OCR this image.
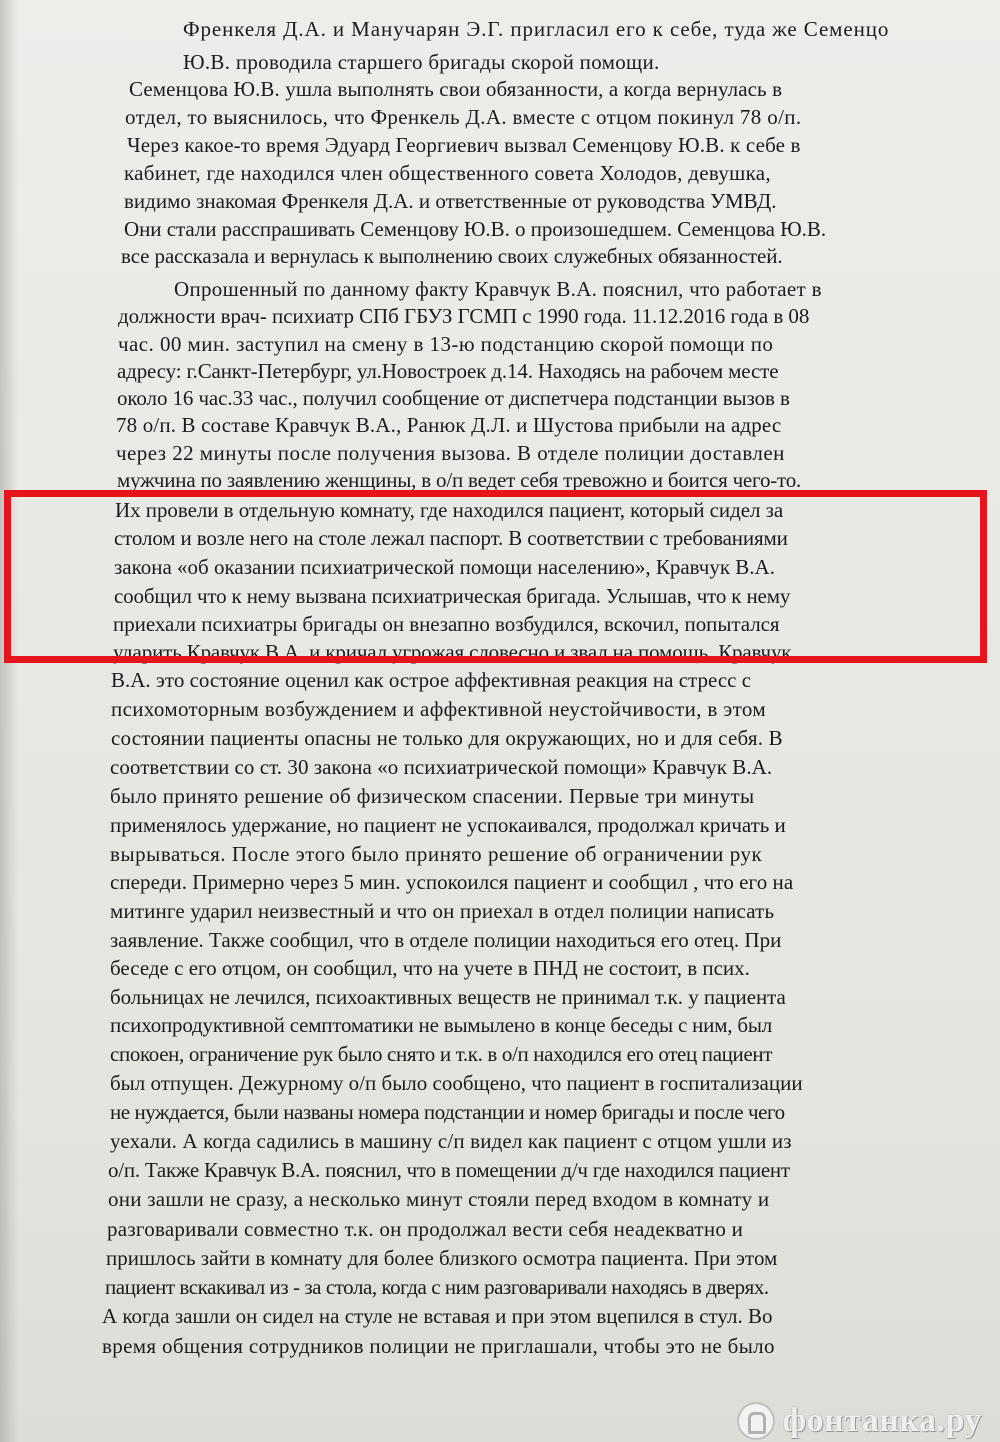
Френкеля Д.А. и Манучарян Э.Г. пригласил его к себе, туда же Семенцо
Ю.В. проводила старшего бригады скорой помощи.
Семенцова Ю.В. ушла выполнять свои обязанности, а когда вернулась в
отдел, то выяснилось, что Френкель Д.А. вместе с отцом покинул 78 о/п.
Через какое-то время Эдуард Георгиевич вызвал Семенцову Ю.В. к себе в
кабинет, где находился член общественного совета Холодов, девушка,
видимо знакомая Френкеля Д.А. и ответственные от руководства УМВД.
Они стали расспрашивать Семенцову Ю.В. о произошедшем. Семенцова Ю.В.
все рассказала и вернулась к выполнению своих служебных обязанностей.
Опрошенный по данному факту Кравчук В.А. пояснил, что работает в
должности врач- психиатр СПб ГБУЗ ГСМП с 1990 года. 11.12.2016 года в 08
час. 00 мин. заступил на смену в 13-ю подстанцию скорой помощи по
адресу: г.Санкт-Петербург, ул.Новостроек д.14. Находясь на рабочем месте
около 16 час.33 час., получил сообщение от диспетчера подстанции вызов в
78 о/п. В составе Кравчук В.А., Ранюк Д.Л. и Шустова прибыли на адрес
через 22 минуты после получения вызова. В отделе полиции доставлен
мужчина по заявлению женщины, в о/п ведет себя тревожно и боится чего-то.
Их провели в отдельную комнату, где находился пациент, который сидел за
столом и возле него на столе лежал паспорт. В соответствии с требованиями
закона «об оказании психиатрической помощи населению», Кравчук В.А.
сообщил что к нему вызвана психиатрическая бригада. Услышав, что к нему
приехали психиатры бригады он внезапно возбудился, вскочил, попытался
ударить Кравчук В.А. и кричал угрожая словесно и звал на помощь. Кравчук
В.А. это состояние оценил как острое аффективная реакция на стресс с
психомоторным возбуждением и аффективной неустойчивости, в этом
состоянии пациенты опасны не только для окружающих, но и для себя. В
соответствии со ст. 30 закона «о психиатрической помощи» Кравчук В.А.
было принято решение об физическом спасении. Первые три минуты
применялось удержание, но пациент не успокаивался, продолжал кричать и
вырываться. После этого было принято решение об ограничении рук
спереди. Примерно через 5 мин. успокоился пациент и сообщил , что его на
митинге ударил неизвестный и что он приехал в отдел полиции написать
заявление. Также сообщил, что в отделе полиции находиться его отец. При
беседе с его отцом, он сообщил, что на учете в ПНД не состоит, в псих.
больницах не лечился, психоактивных веществ не принимал т.к. у пациента
психопродуктивной семптоматики не вымылено в конце беседы с ним, был
спокоен, ограничение рук было снято и т.к. в о/п находился его отец пациент
был отпущен. Дежурному о/п было сообщено, что пациент в госпитализации
не нуждается, были названы номера подстанции и номер бригады и после чего
уехали. А когда садились в машину с/п видел как пациент с отцом ушли из
о/п. Также Кравчук В.А. пояснил, что в помещении д/ч где находился пациент
они зашли не сразу, а несколько минут стояли перед входом в комнату и
разговаривали совместно т.к. он продолжал вести себя неадекватно и
пришлось зайти в комнату для более близкого осмотра пациента. При этом
пациент вскакивал из - за стола, когда с ним разговаривали находясь в дверях.
А когда зашли он сидел на стуле не вставая и при этом вцепился в стул. Во
время общения сотрудников полиции не приглашали, чтобы это не было
фонтанка.ру
